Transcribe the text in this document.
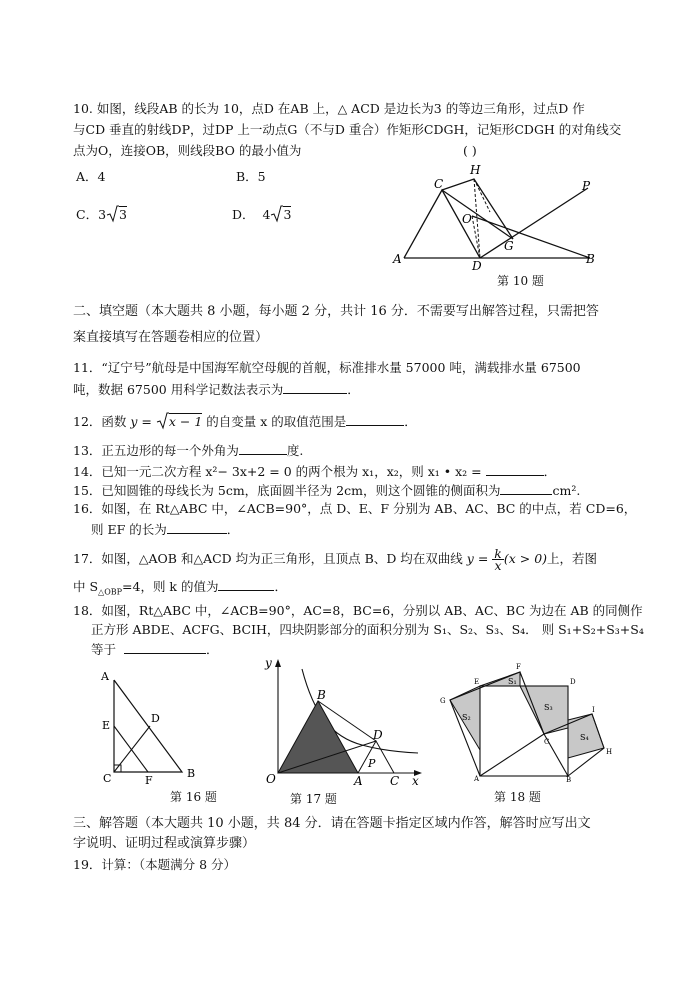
10. 如图，线段AB 的长为 10，点D 在AB 上，△ ACD 是边长为3 的等边三角形，过点D 作
与CD 垂直的射线DP，过DP 上一动点G（不与D 重合）作矩形CDGH，记矩形CDGH 的对角线交
点为O，连接OB，则线段BO 的最小值为	( )
A．4	B．5
C．3 3	D． 4 3
A	B
C
D
H
O
G
P
第 10 题
二、填空题（本大题共 8 小题，每小题 2 分，共计 16 分．不需要写出解答过程，只需把答
案直接填写在答题卷相应的位置）
11．“辽宁号”航母是中国海军航空母舰的首舰，标准排水量 57000 吨，满载排水量 67500
吨，数据 67500 用科学记数法表示为	．
12．函数 y = x − 1 的自变量 x 的取值范围是	．
13．正五边形的每一个外角为	度.
14．已知一元二次方程 x²− 3x+2 = 0 的两个根为 x₁，x₂，则 x₁ • x₂ =	．
15．已知圆锥的母线长为 5cm，底面圆半径为 2cm，则这个圆锥的侧面积为	cm².
16．如图，在 Rt△ABC 中，∠ACB=90°，点 D、E、F 分别为 AB、AC、BC 的中点，若 CD=6，
则 EF 的长为	．
17．如图，△AOB 和△ACD 均为正三角形，且顶点 B、D 均在双曲线 $y = \frac{k}{x} (x > 0)$上，若图
中 $S_{\triangle OBP}=4$，则 k 的值为	．
18．如图，Rt△ABC 中，∠ACB=90°，AC=8，BC=6，分别以 AB、AC、BC 为边在 AB 的同侧作
正方形 ABDE、ACFG、BCIH，四块阴影部分的面积分别为 S₁、S₂、S₃、S₄． 则 S₁+S₂+S₃+S₄
等于	．
A
E
D
C	F
B
第 16 题
y
B
D
P
O	A C x
第 17 题
E
F
D
G
I
H
A	B
C
S₁
S₂
S₃
S₄
第 18 题
三、解答题（本大题共 10 小题，共 84 分．请在答题卡指定区域内作答，解答时应写出文
字说明、证明过程或演算步骤）
19．计算：（本题满分 8 分）
